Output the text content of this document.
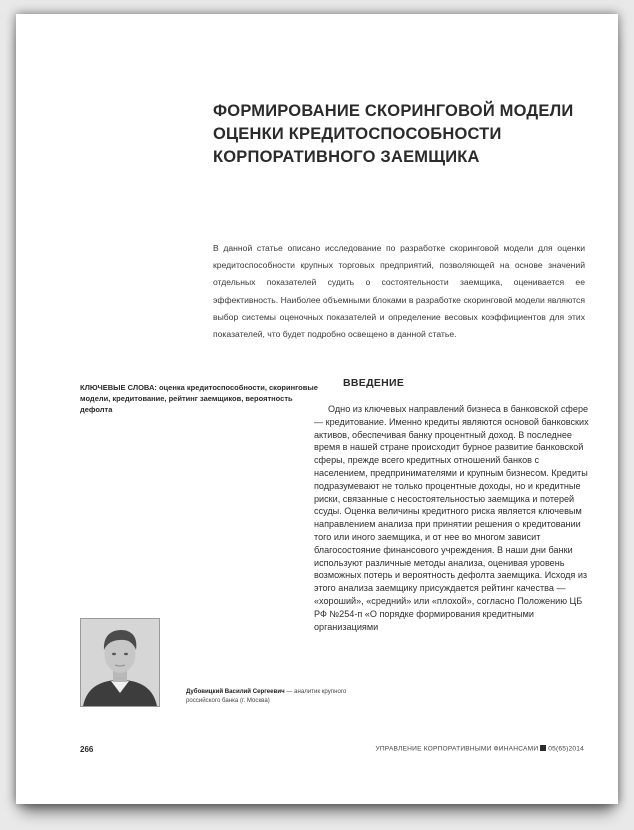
ФОРМИРОВАНИЕ СКОРИНГОВОЙ МОДЕЛИ ОЦЕНКИ КРЕДИТОСПОСОБНОСТИ КОРПОРАТИВНОГО ЗАЕМЩИКА

В данной статье описано исследование по разработке скоринговой модели для оценки кредитоспособности крупных торговых предприятий, позволяющей на основе значений отдельных показателей судить о состоятельности заемщика, оценивается ее эффективность. Наиболее объемными блоками в разработке скоринговой модели являются выбор системы оценочных показателей и определение весовых коэффициентов для этих показателей, что будет подробно освещено в данной статье.

КЛЮЧЕВЫЕ СЛОВА: оценка кредитоспособности, скоринговые модели, кредитование, рейтинг заемщиков, вероятность дефолта

ВВЕДЕНИЕ

Одно из ключевых направлений бизнеса в банковской сфере — кредитование. Именно кредиты являются основой банковских активов, обеспечивая банку процентный доход. В последнее время в нашей стране происходит бурное развитие банковской сферы, прежде всего кредитных отношений банков с населением, предпринимателями и крупным бизнесом. Кредиты подразумевают не только процентные доходы, но и кредитные риски, связанные с несостоятельностью заемщика и потерей ссуды. Оценка величины кредитного риска является ключевым направлением анализа при принятии решения о кредитовании того или иного заемщика, и от нее во многом зависит благосостояние финансового учреждения. В наши дни банки используют различные методы анализа, оценивая уровень возможных потерь и вероятность дефолта заемщика. Исходя из этого анализа заемщику присуждается рейтинг качества — «хороший», «средний» или «плохой», согласно Положению ЦБ РФ №254-п «О порядке формирования кредитными организациями

Дубовицкий Василий Сергеевич — аналитик крупного российского банка (г. Москва)

266	УПРАВЛЕНИЕ КОРПОРАТИВНЫМИ ФИНАНСАМИ 05(65)2014
